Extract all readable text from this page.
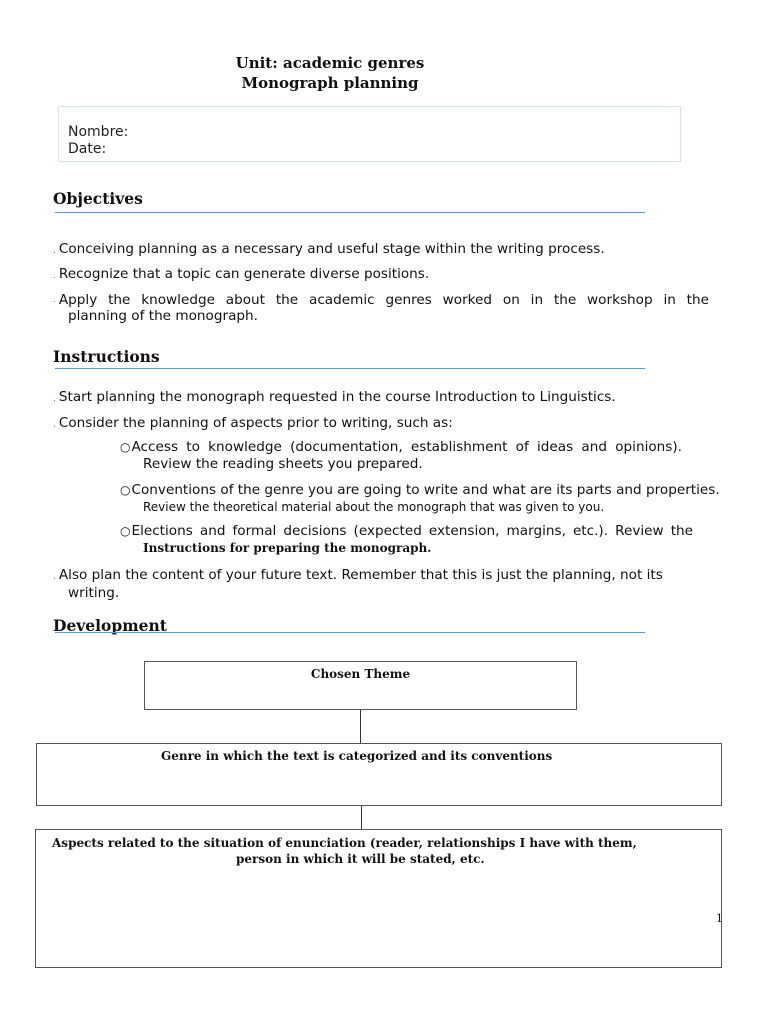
Unit: academic genres
Monograph planning
Nombre:
Date:
Objectives
. Conceiving planning as a necessary and useful stage within the writing process.
. Recognize that a topic can generate diverse positions.
. Apply the knowledge about the academic genres worked on in the workshop in the
planning of the monograph.
Instructions
. Start planning the monograph requested in the course Introduction to Linguistics.
. Consider the planning of aspects prior to writing, such as:
○ Access to knowledge (documentation, establishment of ideas and opinions).
Review the reading sheets you prepared.
○Conventions of the genre you are going to write and what are its parts and properties.
Review the theoretical material about the monograph that was given to you.
○ Elections and formal decisions (expected extension, margins, etc.). Review the
Instructions for preparing the monograph.
. Also plan the content of your future text. Remember that this is just the planning, not its
writing.
Development
Chosen Theme
Genre in which the text is categorized and its conventions
Aspects related to the situation of enunciation (reader, relationships I have with them,
person in which it will be stated, etc.
1
